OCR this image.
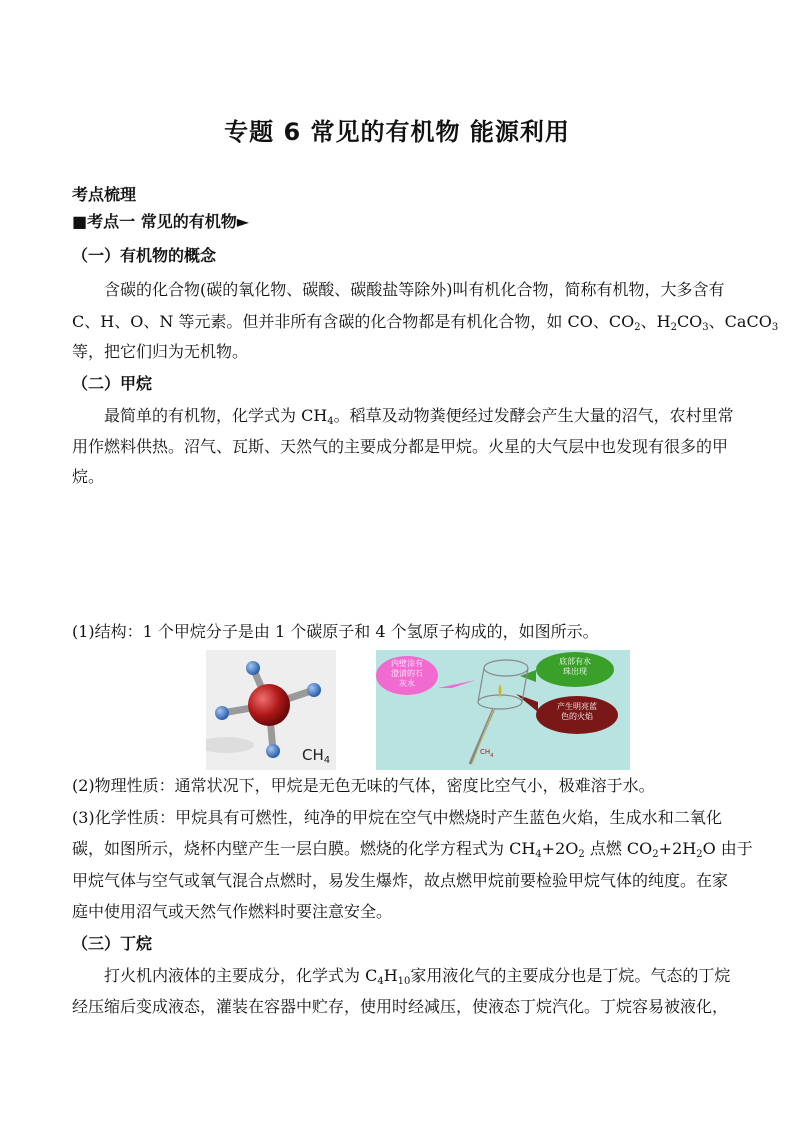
专题 6 常见的有机物 能源利用
考点梳理
■考点一 常见的有机物►
（一）有机物的概念
含碳的化合物(碳的氧化物、碳酸、碳酸盐等除外)叫有机化合物，简称有机物，大多含有
C、H、O、N 等元素。但并非所有含碳的化合物都是有机化合物，如 CO、$CO_2$、$H_2CO_3$、CaCO$_3$
等，把它们归为无机物。
（二）甲烷
最简单的有机物，化学式为 $CH_4$。稻草及动物粪便经过发酵会产生大量的沼气，农村里常
用作燃料供热。沼气、瓦斯、天然气的主要成分都是甲烷。火星的大气层中也发现有很多的甲
烷。
(1)结构：1 个甲烷分子是由 1 个碳原子和 4 个氢原子构成的，如图所示。
$CH_4$
内壁涂有
澄清的石
灰水
底部有水
珠出现
产生明亮蓝
色的火焰
$CH_4$
(2)物理性质：通常状况下，甲烷是无色无味的气体，密度比空气小，极难溶于水。
(3)化学性质：甲烷具有可燃性，纯净的甲烷在空气中燃烧时产生蓝色火焰，生成水和二氧化
碳，如图所示，烧杯内壁产生一层白膜。燃烧的化学方程式为 $CH_4+2O_2$ 点燃 $CO_2+2H_2O$ 由于
甲烷气体与空气或氧气混合点燃时，易发生爆炸，故点燃甲烷前要检验甲烷气体的纯度。在家
庭中使用沼气或天然气作燃料时要注意安全。
（三）丁烷
打火机内液体的主要成分，化学式为 $C_4H_{10}$家用液化气的主要成分也是丁烷。气态的丁烷
经压缩后变成液态，灌装在容器中贮存，使用时经减压，使液态丁烷汽化。丁烷容易被液化，
